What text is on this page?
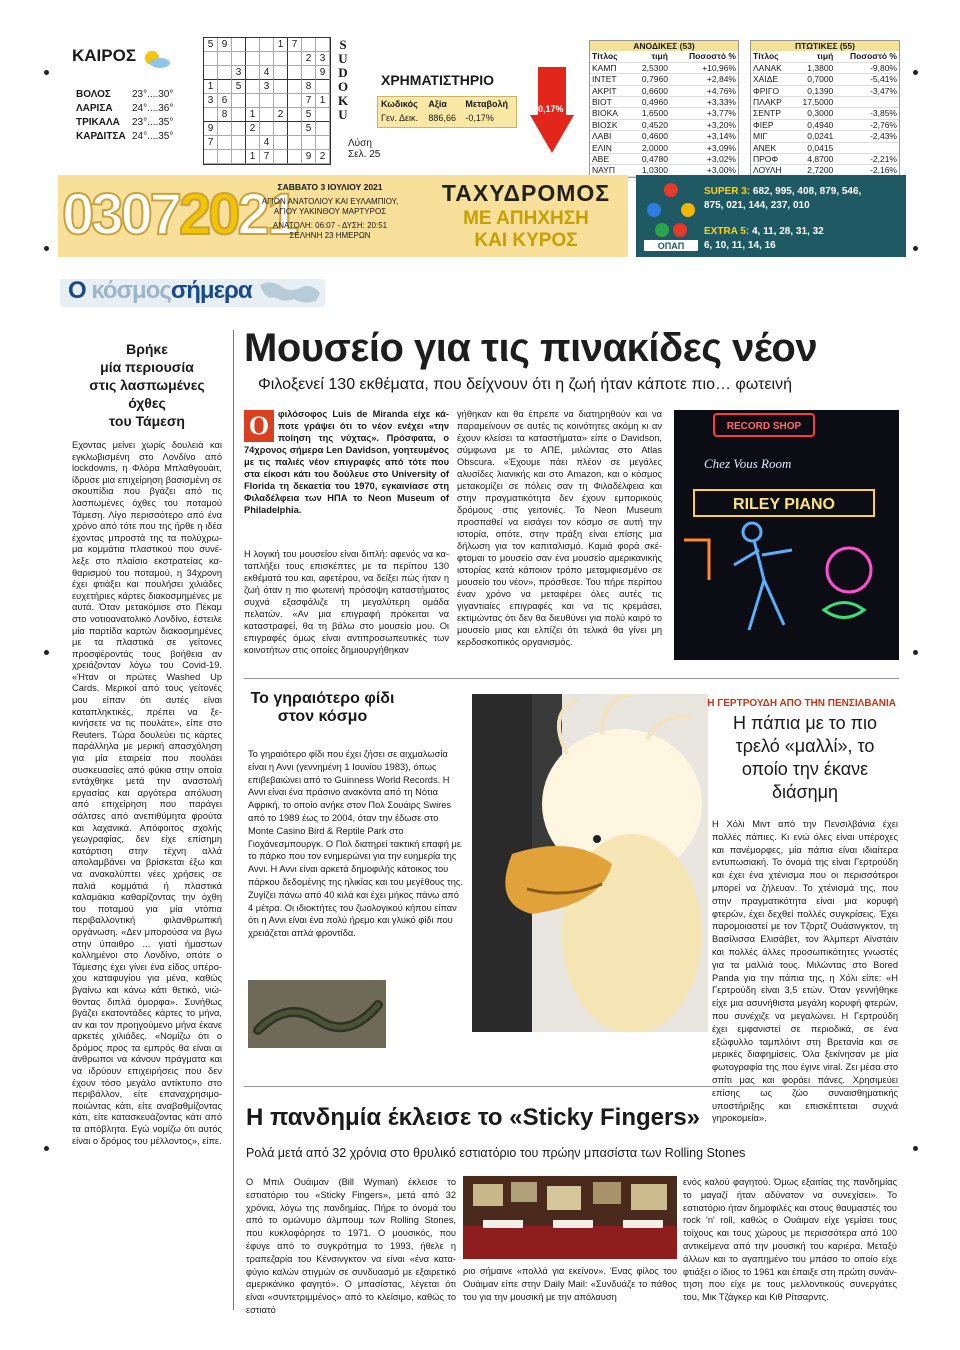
ΚΑΙΡΟΣ
ΒΟΛΟΣ	23°....30°
ΛΑΡΙΣΑ	24°....36°
ΤΡΙΚΑΛΑ	23°....35°
ΚΑΡΔΙΤΣΑ 24°....35°
5 9	1 7
2 3
3	4	9
1	5	3	8
3 6	7 1
8	1	2	5
9	2	5
7	4
1 7	9 2
S
U
D
O
K
U
Λύση
Σελ. 25
ΧΡΗΜΑΤΙΣΤΗΡΙΟ
Κωδικός	Αξία	Μεταβολή
Γεν. Δεικ.	886,66	-0,17%
-0,17%
ΑΝΟΔΙΚΕΣ (53)
Τίτλος	τιμή	Ποσοστό %
ΚΑΜΠ	2,5300	+10,96%
ΙΝΤΕΤ	0,7960	+2,84%
ΑΚΡΙΤ	0,6600	+4,76%
ΒΙΟΤ	0,4960	+3,33%
ΒΙΟΚΑ	1,6500	+3,77%
ΒΙΟΣΚ	0,4520	+3,20%
ΛΑΒΙ	0,4600	+3,14%
ΕΛΙΝ	2,0000	+3,09%
ΑΒΕ	0,4780	+3,02%
ΝΑΥΠ	1,0300	+3,00%
ΠΤΩΤΙΚΕΣ (55)
Τίτλος	τιμή	Ποσοστό %
ΛΑΝΑΚ	1,3800	-9,80%
ΧΑΙΔΕ	0,7000	-5,41%
ΦΡΙΓΟ	0,1390	-3,47%
ΠΛΑΚΡ	17,5000	
ΣΕΝΤΡ	0,3000	-3,85%
ΦΙΕΡ	0,4940	-2,76%
ΜΙΓ	0,0241	-2,43%
ΑΝΕΚ	0,0415	
ΠΡΟΦ	4,8700	-2,21%
ΛΟΥΛΗ	2,7200	-2,16%
03072021
ΣΑΒΒΑΤΟ 3 ΙΟΥΛΙΟΥ 2021
ΑΓΙΟΝ ΑΝΑΤΟΛΙΟΥ ΚΑΙ ΕΥΛΑΜΠΙΟΥ,
ΑΓΙΟΥ ΥΑΚΙΝΘΟΥ ΜΑΡΤΥΡΟΣ
ΑΝΑΤΟΛΗ: 06:07 - ΔΥΣΗ: 20:51
ΣΕΛΗΝΗ 23 ΗΜΕΡΩΝ
ΤΑΧΥΔΡΟΜΟΣ
ΜΕ ΑΠΗΧΗΣΗ
ΚΑΙ ΚΥΡΟΣ	ΟΠΑΠ
SUPER 3: 682, 995, 408, 879, 546,
875, 021, 144, 237, 010
EXTRA 5: 4, 11, 28, 31, 32
6, 10, 11, 14, 16
Ο κόσμοςσήμερα
Βρήκε
μία περιουσία
στις λασπωμένες
όχθες
του Τάμεση
Εχοντας μείνει χωρίς δουλειά και εγκλωβισμένη στο Λονδίνο από lockdowns, η Φλόρα Μπλαθγουάιτ, ίδρυσε μια επιχείρηση βασισμένη σε σκουπίδια που βγάζει από τις λασπωμένες όχθες του ποταμού Τάμεση. Λίγο περισσότερο από ένα χρόνο από τότε που της ήρθε η ιδέα έχοντας μπροστά της τα πολύχρωμα κομμάτια πλαστικού που συνέλεξε στο πλαίσιο εκστρατείας καθαρισμού του ποταμού, η 34χρονη έχει φτιάξει και πουλήσει χιλιάδες ευχετήριες κάρτες διακοσμημένες με αυτά. Όταν μετακόμισε στο Πέκαμ στο νοτιοανατολικό Λονδίνο, έστειλε μία παρτίδα καρτών διακοσμημένες με τα πλαστικά σε γείτονες προσφέροντάς τους βοήθεια αν χρειάζονταν λόγω του Covid-19. «Ήταν οι πρώτες Washed Up Cards. Μερικοί από τους γείτονές μου είπαν ότι αυτές είναι καταπληκτικές, πρέπει να ξεκινήσετε να τις πουλάτε», είπε στο Reuters. Τώρα δουλεύει τις κάρτες παράλληλα με μερική απασχόληση για μία εταιρεία που πουλάει συσκευασίες από φύκια στην οποία εντάχθηκε μετά την αναστολή εργασίας και αργότερα απόλυση από επιχείρηση που παράγει σάλτσες από ανεπιθύμητα φρούτα και λαχανικά. Απόφοιτος σχολής γεωγραφίας, δεν είχε επίσημη κατάρτιση στην τέχνη αλλά απολαμβάνει να βρίσκεται έξω και να ανακαλύπτει νέες χρήσεις σε παλιά κομμάτιά ή πλαστικά καλαμάκια καθαρίζοντας την όχθη του ποταμού για μία ντόπια περιβαλλοντική φιλανθρωπική οργάνωση. «Δεν μπορούσα να βγω στην ύπαιθρο ... γιατί ήμαστων κολλημένοι στο Λονδίνο, οπότε ο Τάμεσης έχει γίνει ένα είδος υπέροχου καταφυγίου για μένα, καθώς βγαίνω και κάνω κάτι θετικό, νιώθοντας διπλά όμορφα». Συνήθως βγάζει εκατοντάδες κάρτες το μήνα, αν και τον προηγούμενο μήνα έκανε αρκετές χιλιάδες. «Νομίζω ότι ο δρόμος προς τα εμπρός θα είναι οι άνθρωποι να κάνουν πράγματα και να ιδρύουν επιχειρήσεις που δεν έχουν τόσο μεγάλο αντίκτυπο στο περιβάλλον, είτε επαναχρησιμοποιώντας κάτι, είτε αναβαθμίζοντας κάτι, είτε κατασκευάζοντας κάτι από τα απόβλητα. Εγώ νομίζω ότι αυτός είναι ο δρόμος του μέλλοντος», είπε.
Μουσείο για τις πινακίδες νέον
Φιλοξενεί 130 εκθέματα, που δείχνουν ότι η ζωή ήταν κάποτε πιο… φωτεινή
Ο φιλόσοφος Luis de Miranda είχε κάποτε γράψει ότι το νέον ενέχει «την ποίηση της νύχτας». Πρόσφατα, ο 74χρονος σήμερα Len Davidson, γοητευμένος με τις παλιές νέον επιγραφές από τότε που στα είκοσι κάτι του δούλευε στο University of Florida τη δεκαετία του 1970, εγκαινίασε στη Φιλαδέλφεια των ΗΠΑ το Neon Museum of Philadelphia.
Η λογική του μουσείου είναι διπλή: αφενός να καταπλήξει τους επισκέπτες με τα περίπου 130 εκθέματά του και, αφετέρου, να δείξει πώς ήταν η ζωή όταν η πιο φωτεινή πρόσοψη καταστήματος συχνά εξασφάλιζε τη μεγαλύτερη ομάδα πελατών. «Αν μια επιγραφή πρόκειται να καταστραφεί, θα τη βάλω στο μουσείο μου. Οι επιγραφές όμως είναι αντιπροσωπευτικές των κοινοτήτων στις οποίες δημιουργήθηκαν
γήθηκαν και θα έπρεπε να διατηρηθούν και να παραμείνουν σε αυτές τις κοινότητες ακόμη κι αν έχουν κλείσει τα καταστήματα» είπε ο Davidson, σύμφωνα με το ΑΠΕ, μιλώντας στο Atlas Obscura. «Έχουμε πάει πλέον σε μεγάλες αλυσίδες λιανικής και στο Amazon, και ο κόσμος μετακομίζει σε πόλεις σαν τη Φιλαδέλφεια και στην πραγματικότητα δεν έχουν εμπορικούς δρόμους στις γειτονιές. Το Neon Museum προσπαθεί να εισάγει τον κόσμο σε αυτή την ιστορία, οπότε, στην πράξη είναι επίσης μια δήλωση για τον καπιταλισμό. Καμιά φορά σκέφτομαι το μουσείο σαν ένα μουσείο αμερικανικής ιστορίας κατά κάποιον τρόπο μεταμφιεσμένο σε μουσείο του νέον», πρόσθεσε. Του πήρε περίπου έναν χρόνο να μεταφέρει όλες αυτές τις γιγαντιαίες επιγραφές και να τις κρεμάσει, εκτιμώντας ότι δεν θα διευθύνει για πολύ καιρό το μουσείο μιας και ελπίζει ότι τελικά θα γίνει μη κερδοσκοπικός οργανισμός.
RECORD SHOP
Chez Vous Room
RILEY PIANO
Το γηραιότερο φίδι στον κόσμο
Το γηραιότερο φίδι που έχει ζήσει σε αιχμαλωσία είναι η Αννι (γεννημένη 1 Ιουνίου 1983), όπως επιβεβαιώνει από το Guinness World Records. Η Αννι είναι ένα πράσινο ανακόντα από τη Νότια Αφρική, το οποίο ανήκε στον Πολ Σουάιρς Swires από το 1989 έως το 2004, όταν την έδωσε στο Monte Casino Bird & Reptile Park στο Γιοχάνεσμπουργκ. Ο Πολ διατηρεί τακτική επαφή με το πάρκο που τον ενημερώνει για την ευημερία της Αννι. Η Αννι είναι αρκετά δημοφιλής κάτοικος του πάρκου δεδομένης της ηλικίας και του μεγέθους της. Ζυγίζει πάνω από 40 κιλά και έχει μήκος πάνω από 4 μέτρα. Οι ιδιοκτήτες του ζωολογικού κήπου είπαν ότι η Αννι είναι ένα πολύ ήρεμο και γλυκό φίδι που χρειάζεται απλά φροντίδα.
Η ΓΕΡΤΡΟΥΔΗ ΑΠΟ ΤΗΝ ΠΕΝΣΙΛΒΑΝΙΑ
Η πάπια με το πιο τρελό «μαλλί», το οποίο την έκανε διάσημη
Η Χόλι Μιντ από την Πενσιλβάνια έχει πολλές πάπιες. Κι ενώ όλες είναι υπέροχες και πανέμορφες, μία πάπια είναι ιδιαίτερα εντυπωσιακή. Το όνομά της είναι Γερτρούδη και έχει ένα χτένισμα που οι περισσότεροι μπορεί να ζήλευαν. Το χτένισμά της, που στην πραγματικότητα είναι μια κορυφή φτερών, έχει δεχθεί πολλές συγκρίσεις. Έχει παρομοιαστεί με τον Τζορτζ Ουάσινγκτον, τη Βασίλισσα Ελισάβετ, τον Άλμπερτ Αϊνστάιν και πολλές άλλες προσωπικότητες γνωστές για τα μαλλιά τους. Μιλώντας στο Bored Panda για την πάπια της, η Χόλι είπε: «Η Γερτρούδη είναι 3,5 ετών. Όταν γεννήθηκε είχε μια ασυνήθιστα μεγάλη κορυφή φτερών, που συνέχιζε να μεγαλώνει. Η Γερτρούδη έχει εμφανιστεί σε περιοδικά, σε ένα εξώφυλλο ταμπλόιντ στη Βρετανία και σε μερικές διαφημίσεις. Όλα ξεκίνησαν με μία φωτογραφία της που έγινε viral. Ζει μέσα στο σπίτι μας και φοράει πάνες. Χρησιμεύει επίσης ως ζώο συναισθηματικής υποστήριξης και επισκέπτεται συχνά γηροκομεία».
Η πανδημία έκλεισε το «Sticky Fingers»
Ρολά μετά από 32 χρόνια στο θρυλικό εστιατόριο του πρώην μπασίστα των Rolling Stones
Ο Μπιλ Ουάιμαν (Bill Wyman) έκλεισε το εστιατόριο του «Sticky Fingers», μετά από 32 χρόνια, λόγω της πανδημίας. Πήρε το όνομά του από το ομώνυμο άλμπουμ των Rolling Stones, που κυκλοφόρησε το 1971. Ο μουσικός, που έφυγε από το συγκρότημα το 1993, ήθελε η τραπεζαρία του Κένσινγκτον να είναι «ένα καταφύγιο καλών στιγμών σε συνδυασμό με εξαιρετικό αμερικάνικο φαγητό». Ο μπασίστας, λέγεται ότι είναι «συντετριμμένος» από το κλείσιμο, καθώς το εστιατό
ριο σήμαινε «πολλά για εκείνον». Ένας φίλος του Ουάιμαν είπε στην Daily Mail: «Συνδυάζε το πάθος του για την μουσική με την απόλαυση
ενός καλού φαγητού. Όμως εξαιτίας της πανδημίας το μαγαζί ήταν αδύνατον να συνεχίσει». Το εστιατόριο ήταν δημοφιλές και στους θαυμαστές του rock 'n' roll, καθώς ο Ουάιμαν είχε γεμίσει τους τοίχους και τους χώρους με περισσότερα από 100 αντικείμενα από την μουσική του καριέρα. Μεταξύ άλλων και το αγαπημένο του μπάσο το οποίο είχε φτιάξει ο ίδιος το 1961 και έπαιξε στη πρώτη συνάντηση που είχε με τους μελλοντικούς συνεργάτες του, Μικ Τζάγκερ και Κιθ Ρίτσαρντς.
